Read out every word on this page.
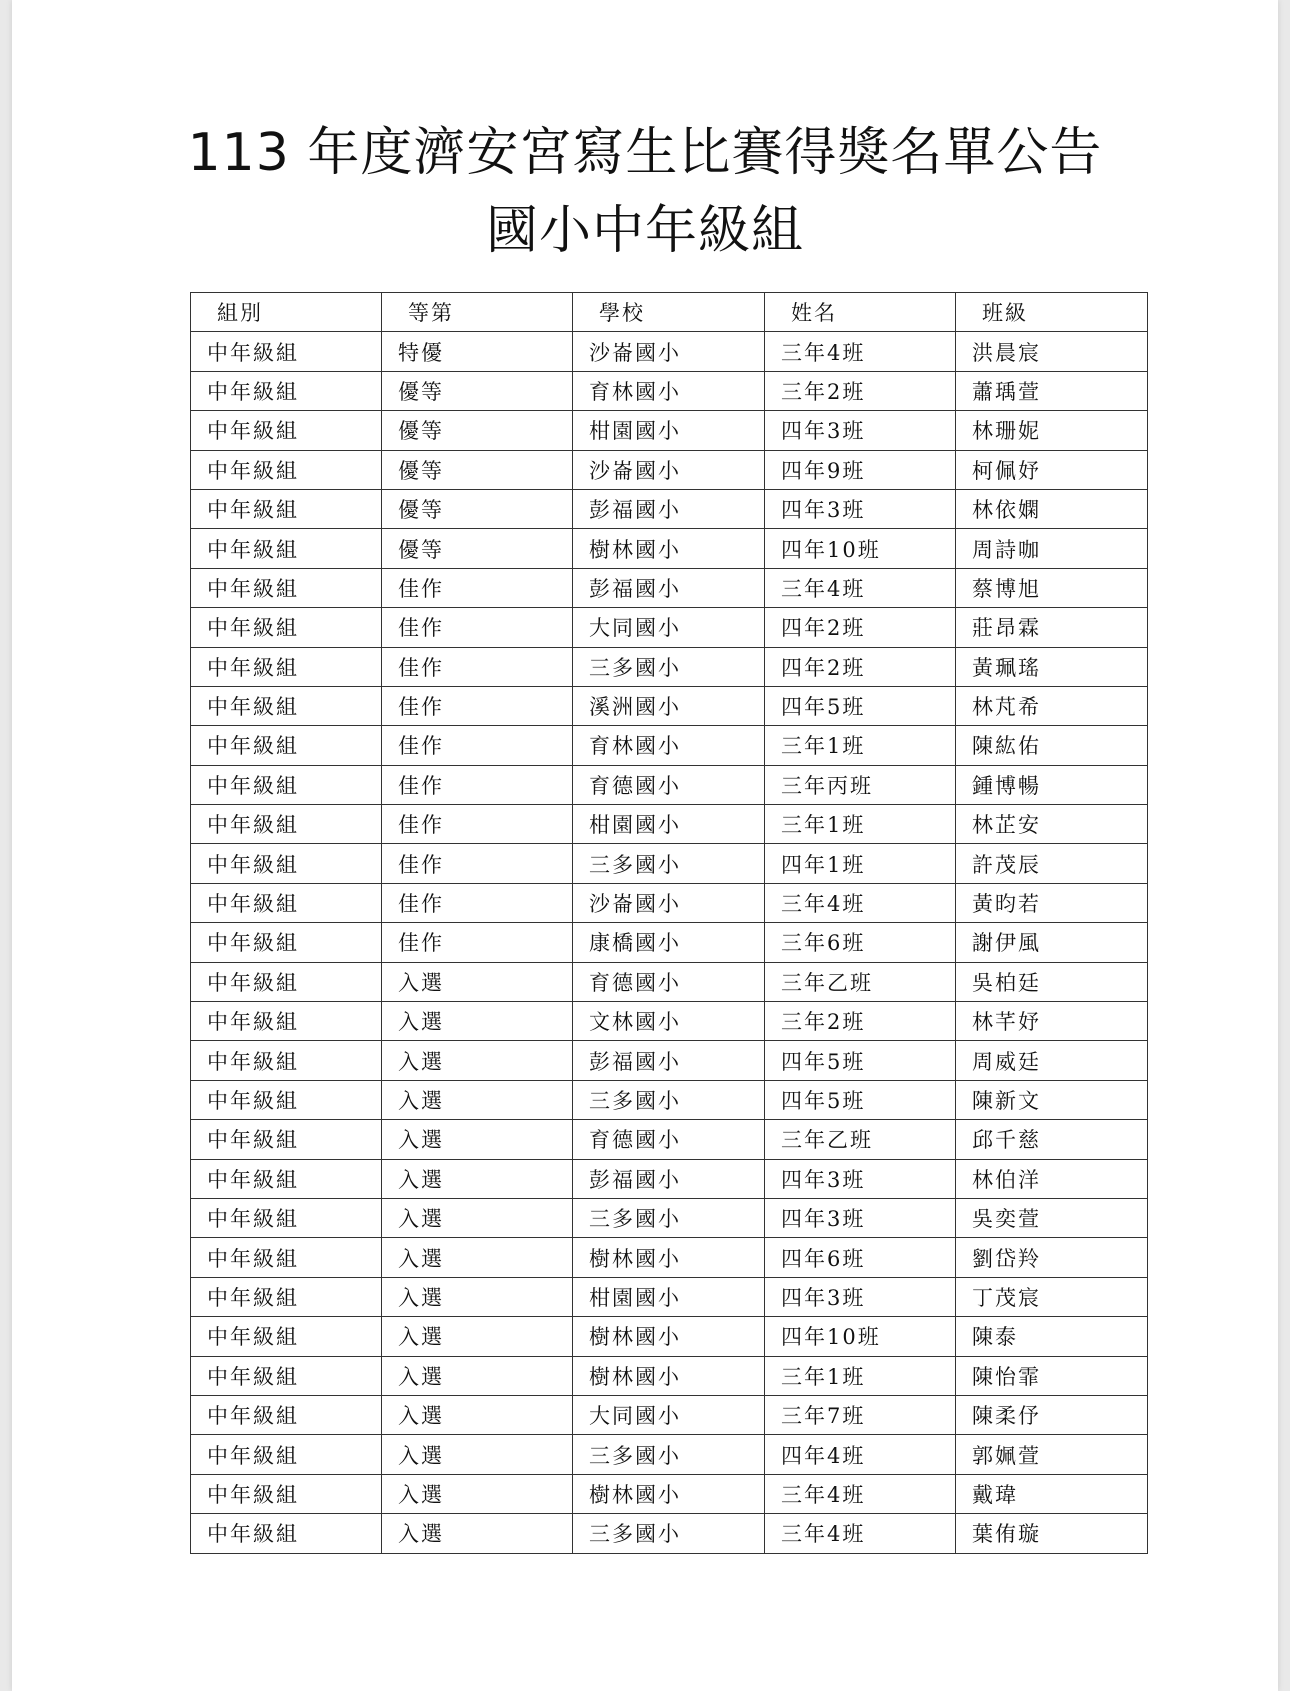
113 年度濟安宮寫生比賽得獎名單公告
國小中年級組
組別	等第	學校	姓名	班級
中年級組	特優	沙崙國小	三年4班	洪晨宸
中年級組	優等	育林國小	三年2班	蕭瑀萱
中年級組	優等	柑園國小	四年3班	林珊妮
中年級組	優等	沙崙國小	四年9班	柯佩妤
中年級組	優等	彭福國小	四年3班	林依嫻
中年級組	優等	樹林國小	四年10班	周詩咖
中年級組	佳作	彭福國小	三年4班	蔡博旭
中年級組	佳作	大同國小	四年2班	莊昂霖
中年級組	佳作	三多國小	四年2班	黃珮瑤
中年級組	佳作	溪洲國小	四年5班	林芃希
中年級組	佳作	育林國小	三年1班	陳紘佑
中年級組	佳作	育德國小	三年丙班	鍾博暢
中年級組	佳作	柑園國小	三年1班	林芷安
中年級組	佳作	三多國小	四年1班	許茂辰
中年級組	佳作	沙崙國小	三年4班	黃昀若
中年級組	佳作	康橋國小	三年6班	謝伊風
中年級組	入選	育德國小	三年乙班	吳柏廷
中年級組	入選	文林國小	三年2班	林芊妤
中年級組	入選	彭福國小	四年5班	周威廷
中年級組	入選	三多國小	四年5班	陳新文
中年級組	入選	育德國小	三年乙班	邱千慈
中年級組	入選	彭福國小	四年3班	林伯洋
中年級組	入選	三多國小	四年3班	吳奕萱
中年級組	入選	樹林國小	四年6班	劉岱羚
中年級組	入選	柑園國小	四年3班	丁茂宸
中年級組	入選	樹林國小	四年10班	陳泰
中年級組	入選	樹林國小	三年1班	陳怡霏
中年級組	入選	大同國小	三年7班	陳柔伃
中年級組	入選	三多國小	四年4班	郭姵萱
中年級組	入選	樹林國小	三年4班	戴瑋
中年級組	入選	三多國小	三年4班	葉侑璇
